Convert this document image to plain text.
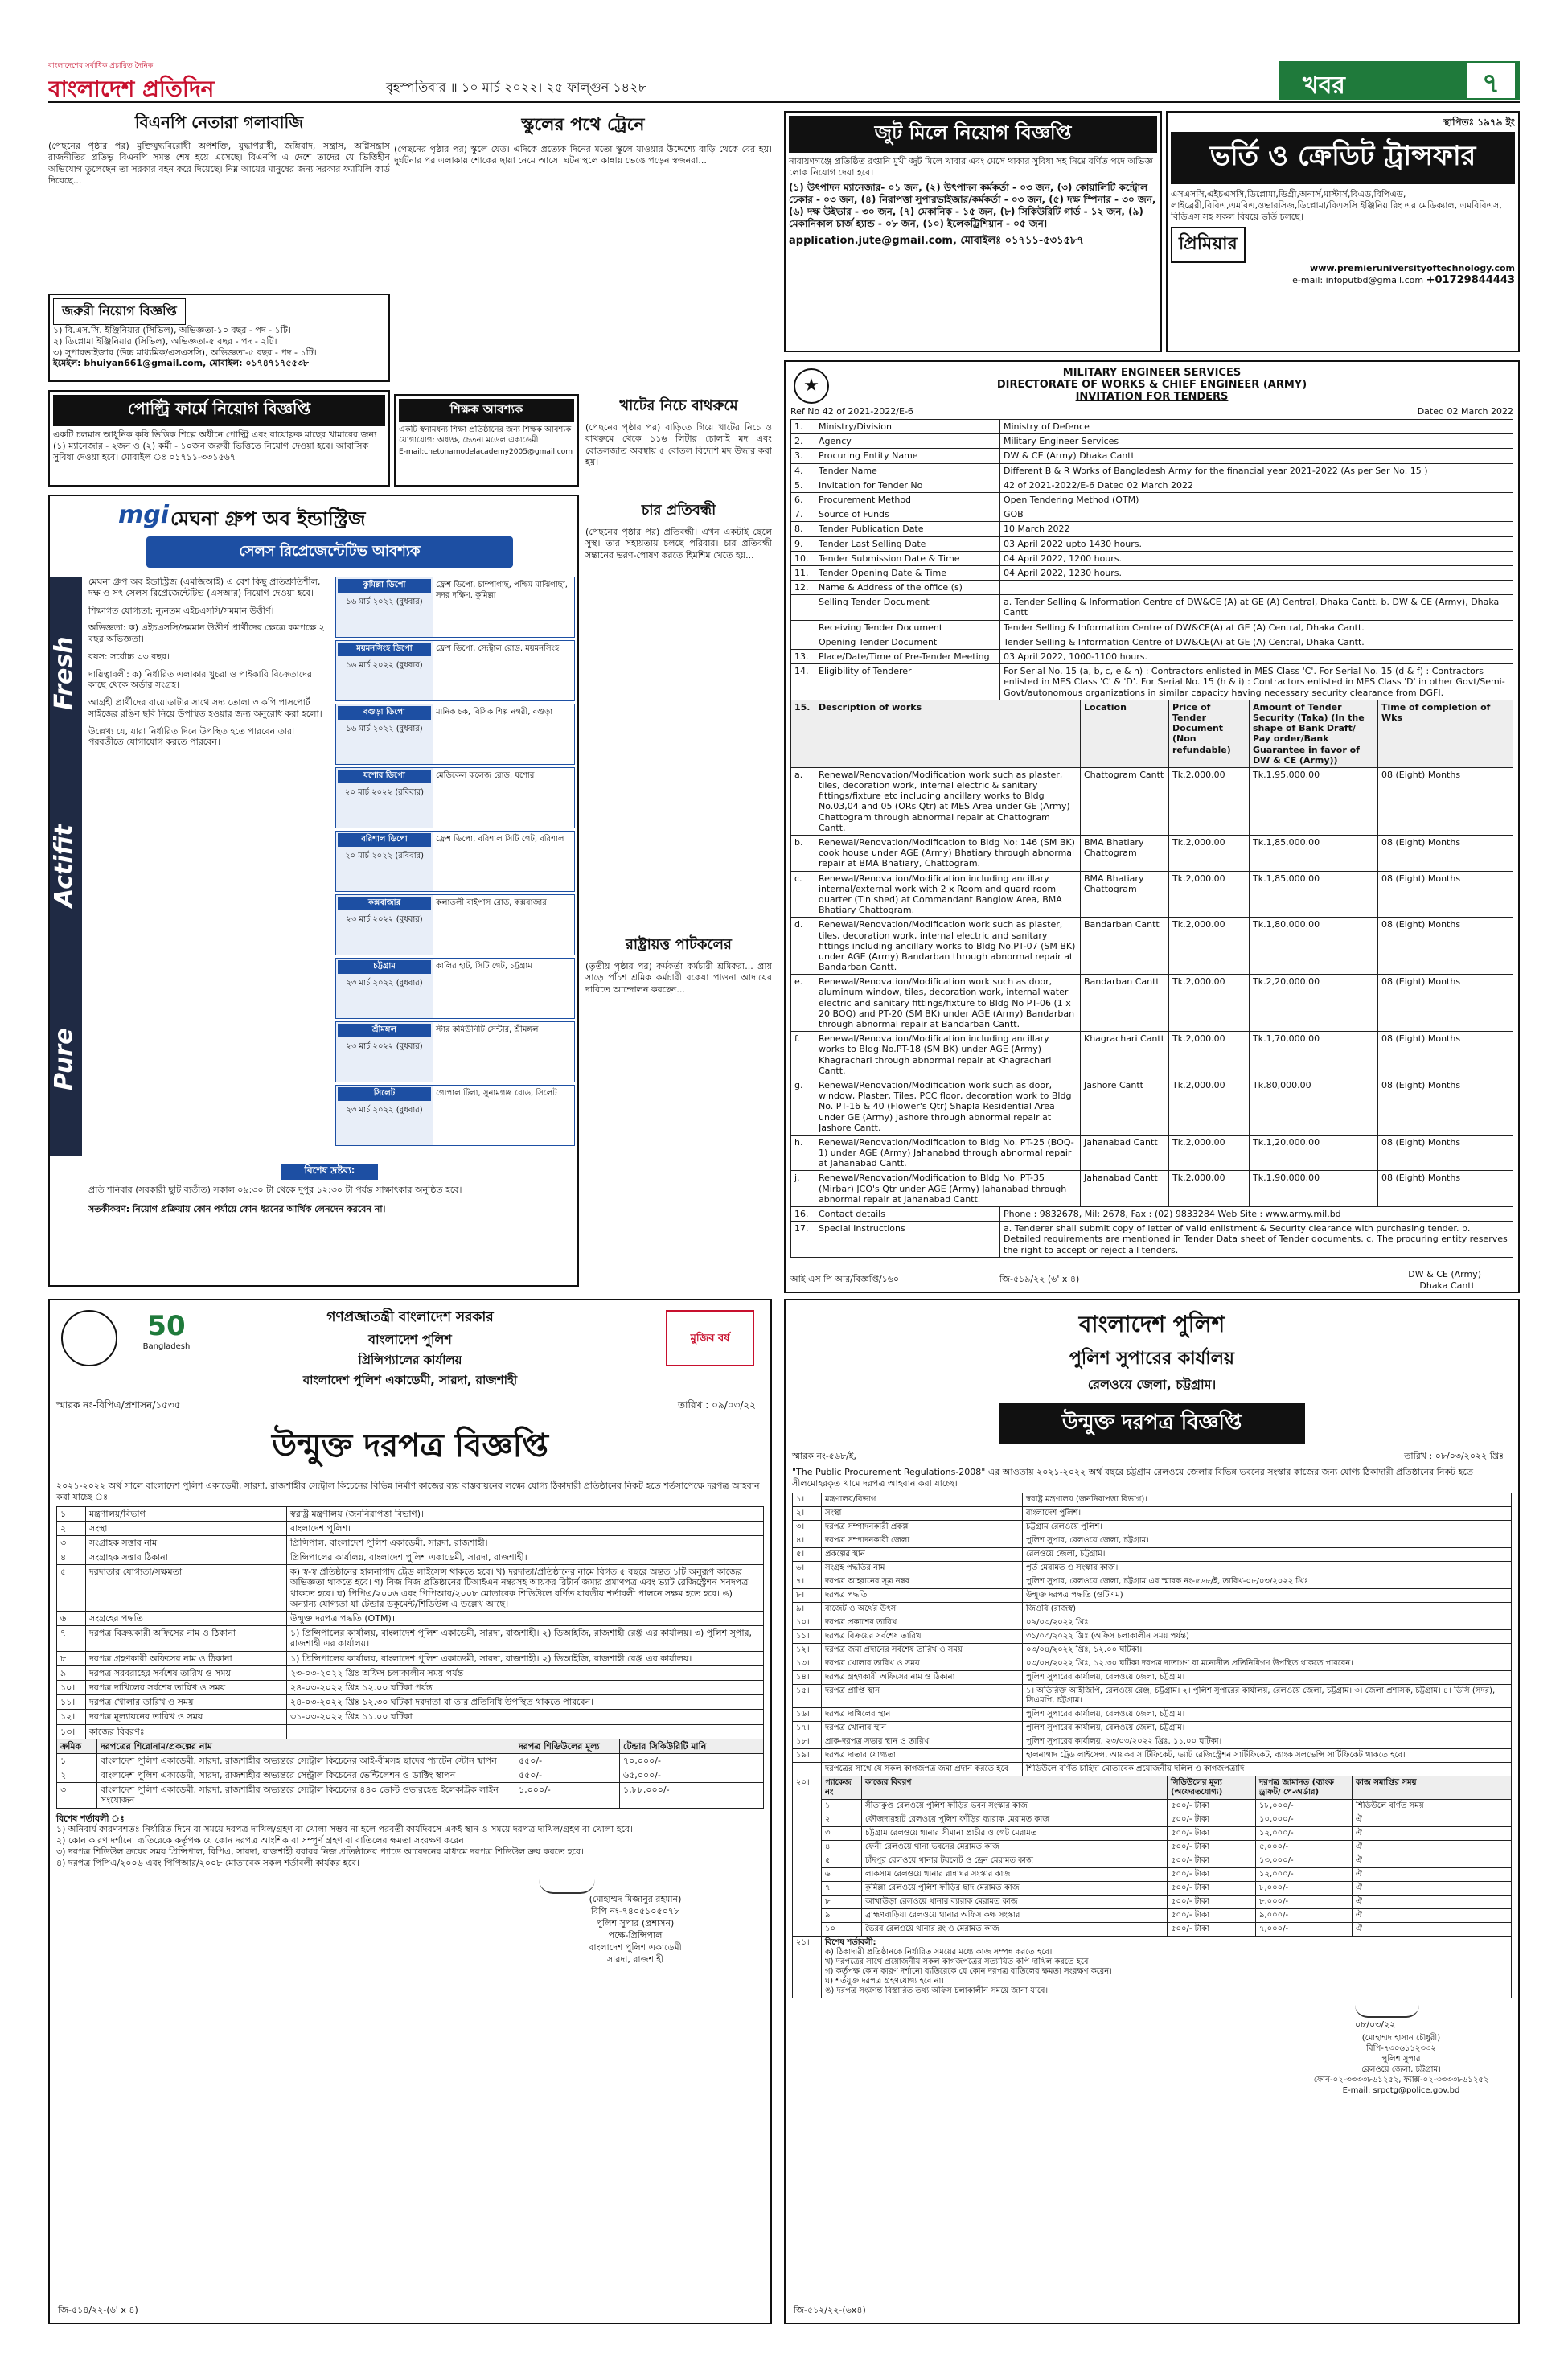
বাংলাদেশের সর্বাধিক প্রচারিত দৈনিক
বাংলাদেশ প্রতিদিন	বৃহস্পতিবার ॥ ১০ মার্চ ২০২২। ২৫ ফাল্গুন ১৪২৮	খবর	৭
বিএনপি নেতারা গলাবাজি
(পেছনের পৃষ্ঠার পর) মুক্তিযুদ্ধবিরোধী অপশক্তি, যুদ্ধাপরাধী, জঙ্গিবাদ, সন্ত্রাস, অগ্নিসন্ত্রাস রাজনীতির প্রতিভূ বিএনপি সমস্ত শেষ হয়ে এসেছে। বিএনপি এ দেশে তাদের যে ভিত্তিহীন অভিযোগ তুলেছেন তা সরকার বহন করে দিয়েছে। নিম্ন আয়ের মানুষের জন্য সরকার ফ্যামিলি কার্ড দিয়েছে...
জরুরী নিয়োগ বিজ্ঞপ্তি
১) বি.এস.সি. ইঞ্জিনিয়ার (সিভিল), অভিজ্ঞতা-১০ বছর - পদ - ১টি।
২) ডিপ্লোমা ইঞ্জিনিয়ার (সিভিল), অভিজ্ঞতা-৫ বছর - পদ - ২টি।
৩) সুপারভাইজার (উচ্চ মাধ্যমিক/এসএসসি), অভিজ্ঞতা-৫ বছর - পদ - ১টি।
ইমেইল: bhuiyan661@gmail.com, মোবাইল: ০১৭৪৭১৭৫৫৩৮
স্কুলের পথে ট্রেনে
(পেছনের পৃষ্ঠার পর) স্কুলে যেত। এদিকে প্রত্যেক দিনের মতো স্কুলে যাওয়ার উদ্দেশ্যে বাড়ি থেকে বের হয়। দুর্ঘটনার পর এলাকায় শোকের ছায়া নেমে আসে। ঘটনাস্থলে কান্নায় ভেঙে পড়েন স্বজনরা...
পোল্ট্রি ফার্মে নিয়োগ বিজ্ঞপ্তি
একটি চলমান আধুনিক কৃষি ভিত্তিক শিল্পে অধীনে পোল্ট্রি এবং বায়োফ্লক মাছের খামারের জন্য (১) ম্যানেজার - ২জন ও (২) কর্মী - ১০জন জরুরী ভিত্তিতে নিয়োগ দেওয়া হবে। আবাসিক সুবিধা দেওয়া হবে। মোবাইল ঃ ০১৭১১-৩৩১৫৬৭
শিক্ষক আবশ্যক
একটি স্বনামধন্য শিক্ষা প্রতিষ্ঠানের জন্য শিক্ষক আবশ্যক। যোগাযোগ: অধ্যক্ষ, চেতনা মডেল একাডেমী
E-mail:chetonamodelacademy2005@gmail.com
খাটের নিচে বাথরুমে
(পেছনের পৃষ্ঠার পর) বাড়িতে গিয়ে খাটের নিচে ও বাথরুমে থেকে ১১৬ লিটার চোলাই মদ এবং বোতলজাত অবস্থায় ৫ বোতল বিদেশি মদ উদ্ধার করা হয়।
চার প্রতিবন্ধী
(পেছনের পৃষ্ঠার পর) প্রতিবন্ধী। এখন একটাই ছেলে সুস্থ। তার সহায়তায় চলছে পরিবার। চার প্রতিবন্ধী সন্তানের ভরণ-পোষণ করতে হিমশিম খেতে হয়...
রাষ্ট্রায়ত্ত পাটকলের
(তৃতীয় পৃষ্ঠার পর) কর্মকর্তা কর্মচারী শ্রমিকরা... প্রায় সাড়ে পাঁচশ শ্রমিক কর্মচারী বকেয়া পাওনা আদায়ের দাবিতে আন্দোলন করছেন...
mgi মেঘনা গ্রুপ অব ইন্ডাস্ট্রিজ
সেলস রিপ্রেজেন্টেটিভ আবশ্যক
Fresh
Actifit
Pure
মেঘনা গ্রুপ অব ইন্ডাস্ট্রিজ (এমজিআই) এ বেশ কিছু প্রতিশ্রুতিশীল, দক্ষ ও সৎ সেলস রিপ্রেজেন্টেটিভ (এসআর) নিয়োগ দেওয়া হবে।
শিক্ষাগত যোগ্যতা: ন্যূনতম এইচএসসি/সমমান উত্তীর্ণ।
অভিজ্ঞতা: ক) এইচএসসি/সমমান উত্তীর্ণ প্রার্থীদের ক্ষেত্রে কমপক্ষে ২ বছর অভিজ্ঞতা।
বয়স: সর্বোচ্চ ৩৩ বছর।
দায়িত্বাবলী: ক) নির্ধারিত এলাকার খুচরা ও পাইকারি বিক্রেতাদের কাছে থেকে অর্ডার সংগ্রহ।
আগ্রহী প্রার্থীদের বায়োডাটার সাথে সদ্য তোলা ৩ কপি পাসপোর্ট সাইজের রঙিন ছবি নিয়ে উপস্থিত হওয়ার জন্য অনুরোধ করা হলো।
উল্লেখ্য যে, যারা নির্ধারিত দিনে উপস্থিত হতে পারবেন তারা পরবর্তীতে যোগাযোগ করতে পারবেন।
কুমিল্লা ডিপো
১৬ মার্চ ২০২২ (বুধবার)
ফ্রেশ ডিপো, চাম্পাগাছ, পশ্চিম মাঝিগাছা, সদর দক্ষিণ, কুমিল্লা
ময়মনসিংহ ডিপো
১৬ মার্চ ২০২২ (বুধবার)
ফ্রেশ ডিপো, সেন্ট্রাল রোড, ময়মনসিংহ
বগুড়া ডিপো
১৬ মার্চ ২০২২ (বুধবার)
মানিক চক, বিসিক শিল্প নগরী, বগুড়া
যশোর ডিপো
২০ মার্চ ২০২২ (রবিবার)
মেডিকেল কলেজ রোড, যশোর
বরিশাল ডিপো
২০ মার্চ ২০২২ (রবিবার)
ফ্রেশ ডিপো, বরিশাল সিটি গেট, বরিশাল
কক্সবাজার
২৩ মার্চ ২০২২ (বুধবার)
কলাতলী বাইপাস রোড, কক্সবাজার
চট্টগ্রাম
২৩ মার্চ ২০২২ (বুধবার)
কালির হাট, সিটি গেট, চট্টগ্রাম
শ্রীমঙ্গল
২৩ মার্চ ২০২২ (বুধবার)
স্টার কমিউনিটি সেন্টার, শ্রীমঙ্গল
সিলেট
২৩ মার্চ ২০২২ (বুধবার)
গোপাল টিলা, সুনামগঞ্জ রোড, সিলেট
বিশেষ দ্রষ্টব্য:
প্রতি শনিবার (সরকারী ছুটি ব্যতীত) সকাল ০৯:৩০ টা থেকে দুপুর ১২:৩০ টা পর্যন্ত সাক্ষাৎকার অনুষ্ঠিত হবে।
সতর্কীকরণ: নিয়োগ প্রক্রিয়ায় কোন পর্যায়ে কোন ধরনের আর্থিক লেনদেন করবেন না।
জুট মিলে নিয়োগ বিজ্ঞপ্তি
নারায়ণগঞ্জে প্রতিষ্ঠিত রপ্তানি মুখী জুট মিলে খাবার এবং মেসে থাকার সুবিধা সহ নিম্নে বর্ণিত পদে অভিজ্ঞ লোক নিয়োগ দেয়া হবে।
(১) উৎপাদন ম্যানেজার- ০১ জন, (২) উৎপাদন কর্মকর্তা - ০৩ জন, (৩) কোয়ালিটি কন্ট্রোল চেকার - ০৩ জন, (৪) নিরাপত্তা সুপারভাইজার/কর্মকর্তা - ০৩ জন, (৫) দক্ষ স্পিনার - ৩০ জন, (৬) দক্ষ উইভার - ৩০ জন, (৭) মেকানিক - ১৫ জন, (৮) সিকিউরিটি গার্ড - ১২ জন, (৯) মেকানিকাল চার্জ হ্যান্ড - ০৮ জন, (১০) ইলেকট্রিশিয়ান - ০৫ জন।
application.jute@gmail.com, মোবাইলঃ ০১৭১১-৫৩১৫৮৭
স্থাপিতঃ ১৯৭৯ ইং
ভর্তি ও ক্রেডিট ট্রান্সফার
এসএসসি,এইচএসসি,ডিপ্লোমা,ডিগ্রী,অনার্স,মাস্টার্স,বিএড,বিপিএড, লাইব্রেরী,বিবিএ,এমবিএ,ওভারসিজ,ডিপ্লোমা/বিএসসি ইঞ্জিনিয়ারিং এর মেডিক্যাল, এমবিবিএস, বিডিএস সহ সকল বিষয়ে ভর্তি চলছে।
প্রিমিয়ার
www.premieruniversityoftechnology.com
e-mail: infoputbd@gmail.com +01729844443
★
MILITARY ENGINEER SERVICES
DIRECTORATE OF WORKS & CHIEF ENGINEER (ARMY)
INVITATION FOR TENDERS
Ref No 42 of 2021-2022/E-6	Dated 02 March 2022
1.	Ministry/Division	Ministry of Defence
2.	Agency	Military Engineer Services
3.	Procuring Entity Name	DW & CE (Army) Dhaka Cantt
4.	Tender Name	Different B & R Works of Bangladesh Army for the financial year 2021-2022 (As per Ser No. 15 )
5.	Invitation for Tender No	42 of 2021-2022/E-6 Dated 02 March 2022
6.	Procurement Method	Open Tendering Method (OTM)
7.	Source of Funds	GOB
8.	Tender Publication Date	10 March 2022
9.	Tender Last Selling Date	03 April 2022 upto 1430 hours.
10.	Tender Submission Date & Time	04 April 2022, 1200 hours.
11.	Tender Opening Date & Time	04 April 2022, 1230 hours.
12.	Name & Address of the office (s)	
	Selling Tender Document	a. Tender Selling & Information Centre of DW&CE (A) at GE (A) Central, Dhaka Cantt. b. DW & CE (Army), Dhaka Cantt
	Receiving Tender Document	Tender Selling & Information Centre of DW&CE(A) at GE (A) Central, Dhaka Cantt.
	Opening Tender Document	Tender Selling & Information Centre of DW&CE(A) at GE (A) Central, Dhaka Cantt.
13.	Place/Date/Time of Pre-Tender Meeting	03 April 2022, 1000-1100 hours.
14.	Eligibility of Tenderer	For Serial No. 15 (a, b, c, e & h) : Contractors enlisted in MES Class 'C'. For Serial No. 15 (d & f) : Contractors enlisted in MES Class 'C' & 'D'. For Serial No. 15 (h & i) : Contractors enlisted in MES Class 'D' in other Govt/Semi-Govt/autonomous organizations in similar capacity having necessary security clearance from DGFI.
15.	Description of works	Location	Price of Tender Document (Non refundable)	Amount of Tender Security (Taka) (In the shape of Bank Draft/ Pay order/Bank Guarantee in favor of DW & CE (Army))	Time of completion of Wks
a.	Renewal/Renovation/Modification work such as plaster, tiles, decoration work, internal electric & sanitary fittings/fixture etc including ancillary works to Bldg No.03,04 and 05 (ORs Qtr) at MES Area under GE (Army) Chattogram through abnormal repair at Chattogram Cantt.	Chattogram Cantt	Tk.2,000.00	Tk.1,95,000.00	08 (Eight) Months
b.	Renewal/Renovation/Modification to Bldg No: 146 (SM BK) cook house under AGE (Army) Bhatiary through abnormal repair at BMA Bhatiary, Chattogram.	BMA Bhatiary Chattogram	Tk.2,000.00	Tk.1,85,000.00	08 (Eight) Months
c.	Renewal/Renovation/Modification including ancillary internal/external work with 2 x Room and guard room quarter (Tin shed) at Commandant Banglow Area, BMA Bhatiary Chattogram.	BMA Bhatiary Chattogram	Tk.2,000.00	Tk.1,85,000.00	08 (Eight) Months
d.	Renewal/Renovation/Modification work such as plaster, tiles, decoration work, internal electric and sanitary fittings including ancillary works to Bldg No.PT-07 (SM BK) under AGE (Army) Bandarban through abnormal repair at Bandarban Cantt.	Bandarban Cantt	Tk.2,000.00	Tk.1,80,000.00	08 (Eight) Months
e.	Renewal/Renovation/Modification work such as door, aluminum window, tiles, decoration work, internal water electric and sanitary fittings/fixture to Bldg No PT-06 (1 x 20 BOQ) and PT-20 (SM BK) under AGE (Army) Bandarban through abnormal repair at Bandarban Cantt.	Bandarban Cantt	Tk.2,000.00	Tk.2,20,000.00	08 (Eight) Months
f.	Renewal/Renovation/Modification including ancillary works to Bldg No.PT-18 (SM BK) under AGE (Army) Khagrachari through abnormal repair at Khagrachari Cantt.	Khagrachari Cantt	Tk.2,000.00	Tk.1,70,000.00	08 (Eight) Months
g.	Renewal/Renovation/Modification work such as door, window, Plaster, Tiles, PCC floor, decoration work to Bldg No. PT-16 & 40 (Flower's Qtr) Shapla Residential Area under GE (Army) Jashore through abnormal repair at Jashore Cantt.	Jashore Cantt	Tk.2,000.00	Tk.80,000.00	08 (Eight) Months
h.	Renewal/Renovation/Modification to Bldg No. PT-25 (BOQ-1) under AGE (Army) Jahanabad through abnormal repair at Jahanabad Cantt.	Jahanabad Cantt	Tk.2,000.00	Tk.1,20,000.00	08 (Eight) Months
j.	Renewal/Renovation/Modification to Bldg No. PT-35 (Mirbar) JCO's Qtr under AGE (Army) Jahanabad through abnormal repair at Jahanabad Cantt.	Jahanabad Cantt	Tk.2,000.00	Tk.1,90,000.00	08 (Eight) Months
16.	Contact details	Phone : 9832678, Mil: 2678, Fax : (02) 9833284 Web Site : www.army.mil.bd
17.	Special Instructions	a. Tenderer shall submit copy of letter of valid enlistment & Security clearance with purchasing tender. b. Detailed requirements are mentioned in Tender Data sheet of Tender documents. c. The procuring entity reserves the right to accept or reject all tenders.
আই এস পি আর/বিজ্ঞপ্তি/১৬০	জি-৫১৯/২২ (৬' x ৪)	DW & CE (Army)
Dhaka Cantt
50
Bangladesh
মুজিব বর্ষ
গণপ্রজাতন্ত্রী বাংলাদেশ সরকার
বাংলাদেশ পুলিশ
প্রিন্সিপ্যালের কার্যালয়
বাংলাদেশ পুলিশ একাডেমী, সারদা, রাজশাহী
স্মারক নং-বিপিএ/প্রশাসন/১৫৩৫	তারিখ : ০৯/০৩/২২
উন্মুক্ত দরপত্র বিজ্ঞপ্তি
২০২১-২০২২ অর্থ সালে বাংলাদেশ পুলিশ একাডেমী, সারদা, রাজশাহীর সেন্ট্রাল কিচেনের বিভিন্ন নির্মাণ কাজের ব্যয় বাস্তবায়নের লক্ষ্যে যোগ্য ঠিকাদারী প্রতিষ্ঠানের নিকট হতে শর্তসাপেক্ষে দরপত্র আহবান করা যাচ্ছে ঃ
১।	মন্ত্রণালয়/বিভাগ	স্বরাষ্ট্র মন্ত্রণালয় (জননিরাপত্তা বিভাগ)।
২।	সংস্থা	বাংলাদেশ পুলিশ।
৩।	সংগ্রাহক সত্তার নাম	প্রিন্সিপাল, বাংলাদেশ পুলিশ একাডেমী, সারদা, রাজশাহী।
৪।	সংগ্রাহক সত্তার ঠিকানা	প্রিন্সিপালের কার্যালয়, বাংলাদেশ পুলিশ একাডেমী, সারদা, রাজশাহী।
৫।	দরদাতার যোগ্যতা/সক্ষমতা	ক) স্ব-স্ব প্রতিষ্ঠানের হালনাগাদ ট্রেড লাইসেন্স থাকতে হবে। খ) দরদাতা/প্রতিষ্ঠানের নামে বিগত ৫ বছরে অন্তত ১টি অনুরূপ কাজের অভিজ্ঞতা থাকতে হবে। গ) নিজ নিজ প্রতিষ্ঠানের টিআইএন নম্বরসহ আয়কর রিটার্ন জমার প্রমাণপত্র এবং ভ্যাট রেজিস্ট্রেশন সনদপত্র থাকতে হবে। ঘ) পিপিএ/২০০৬ এবং পিপিআর/২০০৮ মোতাবেক শিডিউলে বর্ণিত যাবতীয় শর্তাবলী পালনে সক্ষম হতে হবে। ঙ) অন্যান্য যোগ্যতা যা টেন্ডার ডকুমেন্ট/শিডিউল এ উল্লেখ আছে।
৬।	সংগ্রহের পদ্ধতি	উন্মুক্ত দরপত্র পদ্ধতি (OTM)।
৭।	দরপত্র বিক্রয়কারী অফিসের নাম ও ঠিকানা	১) প্রিন্সিপালের কার্যালয়, বাংলাদেশ পুলিশ একাডেমী, সারদা, রাজশাহী। ২) ডিআইজি, রাজশাহী রেঞ্জ এর কার্যালয়। ৩) পুলিশ সুপার, রাজশাহী এর কার্যালয়।
৮।	দরপত্র গ্রহণকারী অফিসের নাম ও ঠিকানা	১) প্রিন্সিপালের কার্যালয়, বাংলাদেশ পুলিশ একাডেমী, সারদা, রাজশাহী। ২) ডিআইজি, রাজশাহী রেঞ্জ এর কার্যালয়।
৯।	দরপত্র সরবরাহের সর্বশেষ তারিখ ও সময়	২৩-০৩-২০২২ খ্রিঃ অফিস চলাকালীন সময় পর্যন্ত
১০।	দরপত্র দাখিলের সর্বশেষ তারিখ ও সময়	২৪-০৩-২০২২ খ্রিঃ ১২.০০ ঘটিকা পর্যন্ত
১১।	দরপত্র খোলার তারিখ ও সময়	২৪-০৩-২০২২ খ্রিঃ ১২.৩০ ঘটিকা দরদাতা বা তার প্রতিনিধি উপস্থিত থাকতে পারবেন।
১২।	দরপত্র মূল্যায়নের তারিখ ও সময়	৩১-০৩-২০২২ খ্রিঃ ১১.০০ ঘটিকা
১৩।	কাজের বিবরণঃ	
ক্রমিক	দরপত্রের শিরোনাম/প্রকল্পের নাম	দরপত্র শিডিউলের মূল্য	টেন্ডার সিকিউরিটি মানি
১।	বাংলাদেশ পুলিশ একাডেমী, সারদা, রাজশাহীর অভ্যন্তরে সেন্ট্রাল কিচেনের আই-বীমসহ ছাদের প্যাটেন স্টোন স্থাপন	৫৫০/-	৭০,০০০/-
২।	বাংলাদেশ পুলিশ একাডেমী, সারদা, রাজশাহীর অভ্যন্তরে সেন্ট্রাল কিচেনের ভেন্টিলেশন ও ডাক্টিং স্থাপন	৫৫০/-	৬৫,০০০/-
৩।	বাংলাদেশ পুলিশ একাডেমী, সারদা, রাজশাহীর অভ্যন্তরে সেন্ট্রাল কিচেনের ৪৪০ ভোল্ট ওভারহেড ইলেকট্রিক লাইন সংযোজন	১,০০০/-	১,৮৮,০০০/-
বিশেষ শর্তাবলী ঃ
১) অনিবার্য কারণবশতঃ নির্ধারিত দিনে বা সময়ে দরপত্র দাখিল/গ্রহণ বা খোলা সম্ভব না হলে পরবর্তী কার্যদিবসে একই স্থান ও সময়ে দরপত্র দাখিল/গ্রহণ বা খোলা হবে।
২) কোন কারণ দর্শানো ব্যতিরেকে কর্তৃপক্ষ যে কোন দরপত্র আংশিক বা সম্পূর্ণ গ্রহণ বা বাতিলের ক্ষমতা সংরক্ষণ করেন।
৩) দরপত্র শিডিউল ক্রয়ের সময় প্রিন্সিপাল, বিপিএ, সারদা, রাজশাহী বরাবর নিজ প্রতিষ্ঠানের প্যাডে আবেদনের মাধ্যমে দরপত্র শিডিউল ক্রয় করতে হবে।
৪) দরপত্র পিপিএ/২০০৬ এবং পিপিআর/২০০৮ মোতাবেক সকল শর্তাবলী কার্যকর হবে।
(মোহাম্মদ মিজানুর রহমান)
বিপি নং-৭৪০৫১০৫০৭৮
পুলিশ সুপার (প্রশাসন)
পক্ষে-প্রিন্সিপাল
বাংলাদেশ পুলিশ একাডেমী
সারদা, রাজশাহী
জি-৫১৪/২২-(৬' x ৪)
বাংলাদেশ পুলিশ
পুলিশ সুপারের কার্যালয়
রেলওয়ে জেলা, চট্টগ্রাম।
উন্মুক্ত দরপত্র বিজ্ঞপ্তি
স্মারক নং-৫৬৮/ই,	তারিখ : ০৮/০৩/২০২২ খ্রিঃ
"The Public Procurement Regulations-2008" এর আওতায় ২০২১-২০২২ অর্থ বছরে চট্টগ্রাম রেলওয়ে জেলার বিভিন্ন ভবনের সংস্কার কাজের জন্য যোগ্য ঠিকাদারী প্রতিষ্ঠানের নিকট হতে সীলমোহরকৃত খামে দরপত্র আহবান করা যাচ্ছে।
১।	মন্ত্রণালয়/বিভাগ	স্বরাষ্ট্র মন্ত্রণালয় (জননিরাপত্তা বিভাগ)।
২।	সংস্থা	বাংলাদেশ পুলিশ।
৩।	দরপত্র সম্পাদনকারী প্রকল্প	চট্টগ্রাম রেলওয়ে পুলিশ।
৪।	দরপত্র সম্পাদনকারী জেলা	পুলিশ সুপার, রেলওয়ে জেলা, চট্টগ্রাম।
৫।	প্রকল্পের স্থান	রেলওয়ে জেলা, চট্টগ্রাম।
৬।	সংগ্রহ পদ্ধতির নাম	পূর্ত মেরামত ও সংস্কার কাজ।
৭।	দরপত্র আহ্বানের সূত্র নম্বর	পুলিশ সুপার, রেলওয়ে জেলা, চট্টগ্রাম এর স্মারক নং-৫৬৮/ই, তারিখ-০৮/০৩/২০২২ খ্রিঃ
৮।	দরপত্র পদ্ধতি	উন্মুক্ত দরপত্র পদ্ধতি (ওটিএম)
৯।	বাজেট ও অর্থের উৎস	জিওবি (রাজস্ব)
১০।	দরপত্র প্রকাশের তারিখ	০৯/০৩/২০২২ খ্রিঃ
১১।	দরপত্র বিক্রয়ের সর্বশেষ তারিখ	৩১/০৩/২০২২ খ্রিঃ (অফিস চলাকালীন সময় পর্যন্ত)
১২।	দরপত্র জমা প্রদানের সর্বশেষ তারিখ ও সময়	০৩/০৪/২০২২ খ্রিঃ, ১২.০০ ঘটিকা।
১৩।	দরপত্র খোলার তারিখ ও সময়	০৩/০৪/২০২২ খ্রিঃ, ১২.৩০ ঘটিকা দরপত্র দাতাগণ বা মনোনীত প্রতিনিধিগণ উপস্থিত থাকতে পারবেন।
১৪।	দরপত্র গ্রহণকারী অফিসের নাম ও ঠিকানা	পুলিশ সুপারের কার্যালয়, রেলওয়ে জেলা, চট্টগ্রাম।
১৫।	দরপত্র প্রাপ্তি স্থান	১। অতিরিক্ত আইজিপি, রেলওয়ে রেঞ্জ, চট্টগ্রাম। ২। পুলিশ সুপারের কার্যালয়, রেলওয়ে জেলা, চট্টগ্রাম। ৩। জেলা প্রশাসক, চট্টগ্রাম। ৪। ডিসি (সদর), সিএমপি, চট্টগ্রাম।
১৬।	দরপত্র দাখিলের স্থান	পুলিশ সুপারের কার্যালয়, রেলওয়ে জেলা, চট্টগ্রাম।
১৭।	দরপত্র খোলার স্থান	পুলিশ সুপারের কার্যালয়, রেলওয়ে জেলা, চট্টগ্রাম।
১৮।	প্রাক-দরপত্র সভার স্থান ও তারিখ	পুলিশ সুপারের কার্যালয়, ২৩/০৩/২০২২ খ্রিঃ, ১১.০০ ঘটিকা।
১৯।	দরপত্র দাতার যোগ্যতা	হালনাগাদ ট্রেড লাইসেন্স, আয়কর সার্টিফিকেট, ভ্যাট রেজিস্ট্রেশন সার্টিফিকেট, ব্যাংক সলভেন্সি সার্টিফিকেট থাকতে হবে।
	দরপত্রের সাথে যে সকল কাগজপত্র জমা প্রদান করতে হবে	শিডিউলে বর্ণিত চাহিদা মোতাবেক প্রয়োজনীয় দলিল ও কাগজপত্রাদি।
২০।	প্যাকেজ নং	কাজের বিবরণ	সিডিউলের মূল্য (অফেরতযোগ্য)	দরপত্র জামানত (ব্যাংক ড্রাফট/ পে-অর্ডার)	কাজ সমাপ্তির সময়
	১	সীতাকুণ্ড রেলওয়ে পুলিশ ফাঁড়ির ভবন সংস্কার কাজ	৫০০/- টাকা	১৮,০০০/-	শিডিউলে বর্ণিত সময়
	২	ফৌজদারহাট রেলওয়ে পুলিশ ফাঁড়ির ব্যারাক মেরামত কাজ	৫০০/- টাকা	১০,০০০/-	ঐ
	৩	চট্টগ্রাম রেলওয়ে থানার সীমানা প্রাচীর ও গেট মেরামত	৫০০/- টাকা	১২,০০০/-	ঐ
	৪	ফেনী রেলওয়ে থানা ভবনের মেরামত কাজ	৫০০/- টাকা	৫,০০০/-	ঐ
	৫	চাঁদপুর রেলওয়ে থানার টয়লেট ও ড্রেন মেরামত কাজ	৫০০/- টাকা	১৩,০০০/-	ঐ
	৬	লাকসাম রেলওয়ে থানার রান্নাঘর সংস্কার কাজ	৫০০/- টাকা	১২,০০০/-	ঐ
	৭	কুমিল্লা রেলওয়ে পুলিশ ফাঁড়ির ছাদ মেরামত কাজ	৫০০/- টাকা	৮,০০০/-	ঐ
	৮	আখাউড়া রেলওয়ে থানার ব্যারাক মেরামত কাজ	৫০০/- টাকা	৮,০০০/-	ঐ
	৯	ব্রাহ্মণবাড়িয়া রেলওয়ে থানার অফিস কক্ষ সংস্কার	৫০০/- টাকা	৯,০০০/-	ঐ
	১০	ভৈরব রেলওয়ে থানার রং ও মেরামত কাজ	৫০০/- টাকা	৭,০০০/-	ঐ
২১।	বিশেষ শর্তাবলী:
ক) ঠিকাদারী প্রতিষ্ঠানকে নির্ধারিত সময়ের মধ্যে কাজ সম্পন্ন করতে হবে।
খ) দরপত্রের সাথে প্রয়োজনীয় সকল কাগজপত্রের সত্যায়িত কপি দাখিল করতে হবে।
গ) কর্তৃপক্ষ কোন কারণ দর্শানো ব্যতিরেকে যে কোন দরপত্র বাতিলের ক্ষমতা সংরক্ষণ করেন।
ঘ) শর্তযুক্ত দরপত্র গ্রহণযোগ্য হবে না।
ঙ) দরপত্র সংক্রান্ত বিস্তারিত তথ্য অফিস চলাকালীন সময়ে জানা যাবে।
০৮/০৩/২২
(মোহাম্মদ হাসান চৌধুরী)
বিপি-৭৩০৬১১২৩৩২
পুলিশ সুপার
রেলওয়ে জেলা, চট্টগ্রাম।
ফোন-০২-৩৩৩৩৮৬১২৫২, ফ্যাক্স-০২-৩৩৩৩৮৬১২৫২
E-mail: srpctg@police.gov.bd
জি-৫১২/২২-(৬x৪)
